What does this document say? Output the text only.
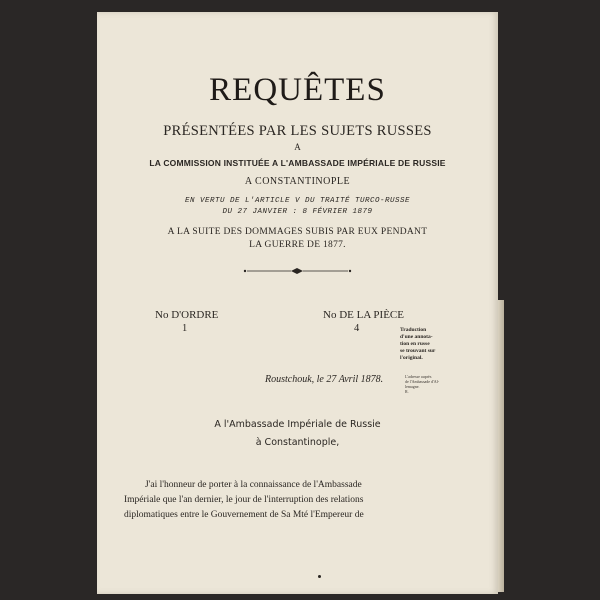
REQUÊTES
PRÉSENTÉES PAR LES SUJETS RUSSES
A
LA COMMISSION INSTITUÉE A L'AMBASSADE IMPÉRIALE DE RUSSIE
A CONSTANTINOPLE
EN VERTU DE L'ARTICLE V DU TRAITÉ TURCO-RUSSE
DU 27 JANVIER : 8 FÉVRIER 1879
A LA SUITE DES DOMMAGES SUBIS PAR EUX PENDANT
LA GUERRE DE 1877.
No D'ORDRE
1
No DE LA PIÈCE
4
Roustchouk, le 27 Avril 1878.
A l'Ambassade Impériale de Russie
à Constantinople,
J'ai l'honneur de porter à la connaissance de l'Ambassade
Impériale que l'an dernier, le jour de l'interruption des relations
diplomatiques entre le Gouvernement de Sa Mté l'Empereur de
Traduction
d'une annota-
tion en russe
se trouvant sur
l'original.
L'adresse auprès
de l'Ambassade d'Al-
lemagne.
R.
